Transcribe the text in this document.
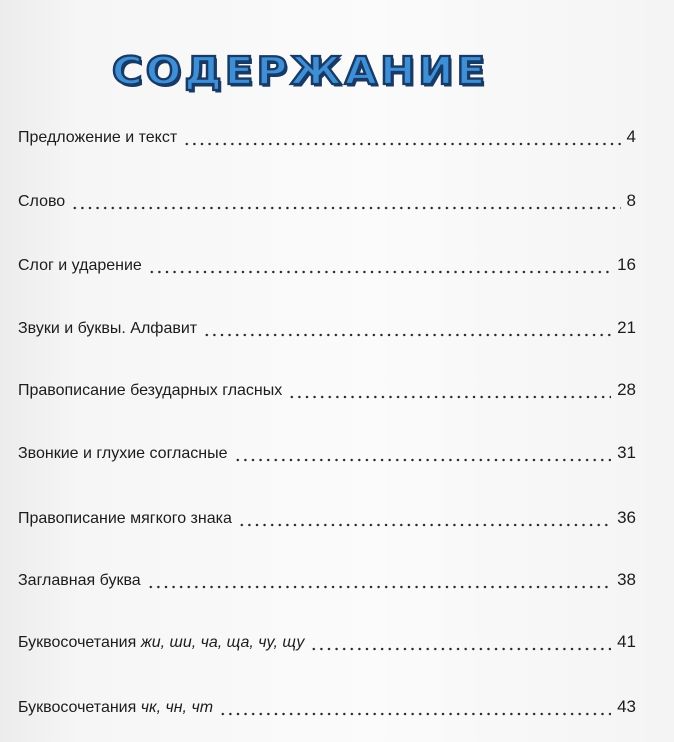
СОДЕРЖАНИЕ
Предложение и текст	4
Слово	8
Слог и ударение	16
Звуки и буквы. Алфавит	21
Правописание безударных гласных	28
Звонкие и глухие согласные	31
Правописание мягкого знака	36
Заглавная буква	38
Буквосочетания жи, ши, ча, ща, чу, щу	41
Буквосочетания чк, чн, чт	43
